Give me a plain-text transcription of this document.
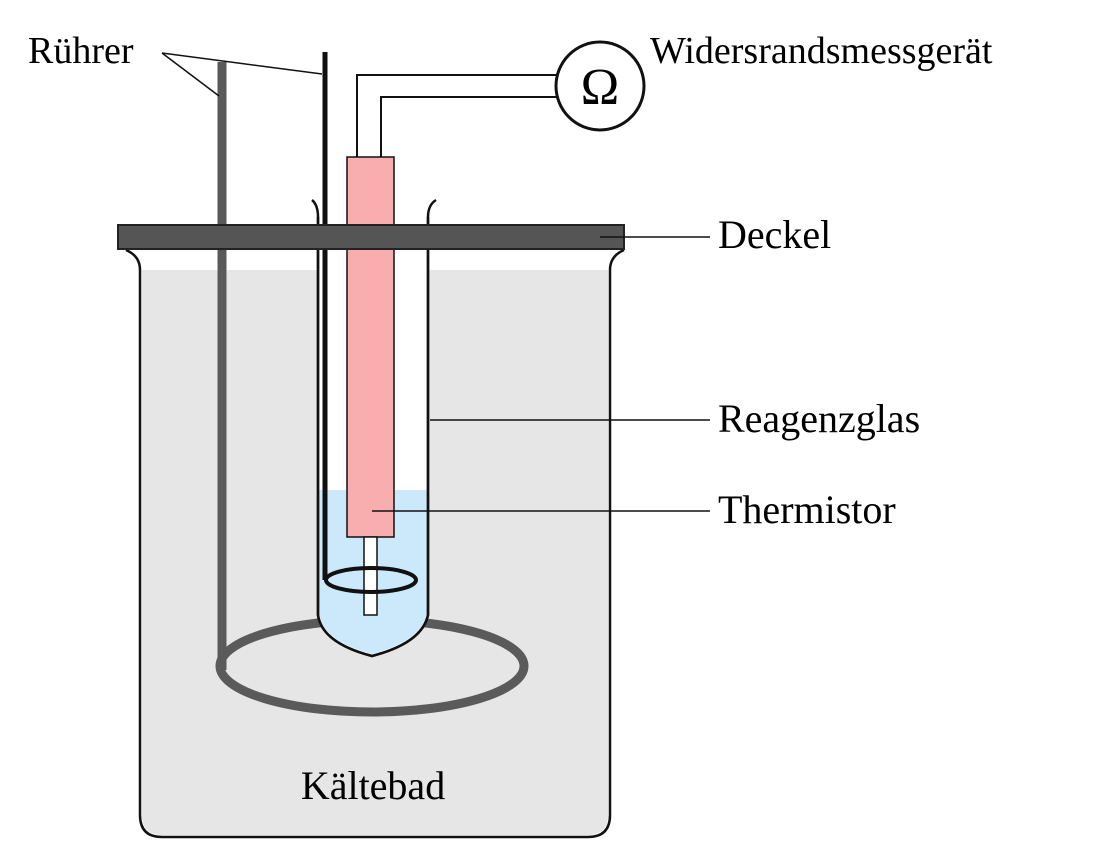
Ω
Rührer	Widersrandsmessgerät
Deckel
Reagenzglas
Thermistor
Kältebad
